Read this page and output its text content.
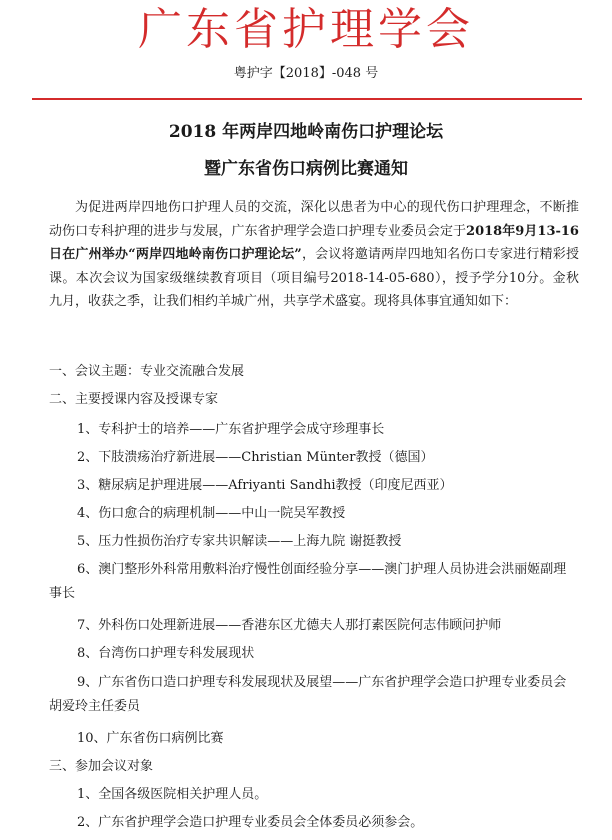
广东省护理学会
粤护字【2018】-048 号
2018 年两岸四地岭南伤口护理论坛
暨广东省伤口病例比赛通知
为促进两岸四地伤口护理人员的交流，深化以患者为中心的现代伤口护理理念，不断推动伤口专科护理的进步与发展，广东省护理学会造口护理专业委员会定于2018年9月13-16日在广州举办“两岸四地岭南伤口护理论坛”，会议将邀请两岸四地知名伤口专家进行精彩授课。本次会议为国家级继续教育项目（项目编号2018-14-05-680），授予学分10分。金秋九月，收获之季，让我们相约羊城广州，共享学术盛宴。现将具体事宜通知如下：
一、会议主题：专业交流融合发展
二、主要授课内容及授课专家
1、专科护士的培养——广东省护理学会成守珍理事长
2、下肢溃疡治疗新进展——Christian Münter教授（德国）
3、糖尿病足护理进展——Afriyanti Sandhi教授（印度尼西亚）
4、伤口愈合的病理机制——中山一院吴军教授
5、压力性损伤治疗专家共识解读——上海九院 谢挺教授
6、澳门整形外科常用敷料治疗慢性创面经验分享——澳门护理人员协进会洪丽姬副理事长
7、外科伤口处理新进展——香港东区尤德夫人那打素医院何志伟顾问护师
8、台湾伤口护理专科发展现状
9、广东省伤口造口护理专科发展现状及展望——广东省护理学会造口护理专业委员会胡爱玲主任委员
10、广东省伤口病例比赛
三、参加会议对象
1、全国各级医院相关护理人员。
2、广东省护理学会造口护理专业委员会全体委员必须参会。
